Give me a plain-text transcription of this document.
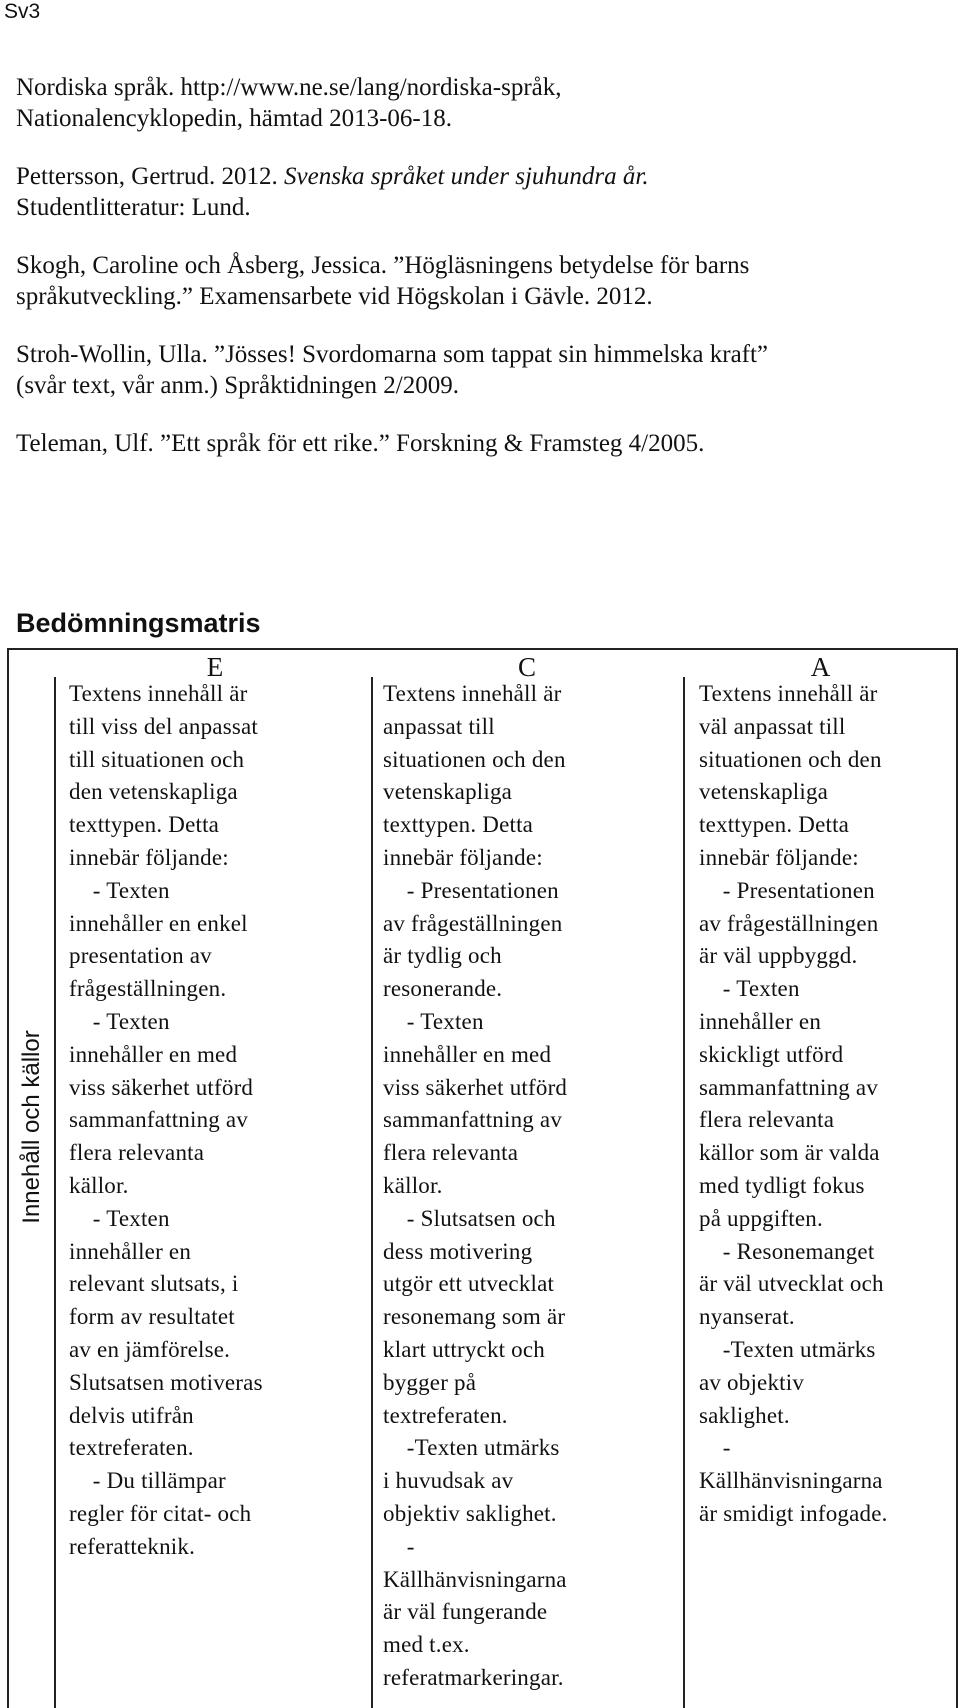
Sv3

Nordiska språk. http://www.ne.se/lang/nordiska-språk,
Nationalencyklopedin, hämtad 2013-06-18.

Pettersson, Gertrud. 2012. Svenska språket under sjuhundra år.
Studentlitteratur: Lund.

Skogh, Caroline och Åsberg, Jessica. ”Högläsningens betydelse för barns
språkutveckling.” Examensarbete vid Högskolan i Gävle. 2012.

Stroh-Wollin, Ulla. ”Jösses! Svordomarna som tappat sin himmelska kraft”
(svår text, vår anm.) Språktidningen 2/2009.

Teleman, Ulf. ”Ett språk för ett rike.” Forskning & Framsteg 4/2005.

Bedömningsmatris
E	C	A
Innehåll och källor
Textens innehåll är
till viss del anpassat
till situationen och
den vetenskapliga
texttypen. Detta
innebär följande:
- Texten
innehåller en enkel
presentation av
frågeställningen.
- Texten
innehåller en med
viss säkerhet utförd
sammanfattning av
flera relevanta
källor.
- Texten
innehåller en
relevant slutsats, i
form av resultatet
av en jämförelse.
Slutsatsen motiveras
delvis utifrån
textreferaten.
- Du tillämpar
regler för citat- och
referatteknik.
Textens innehåll är
anpassat till
situationen och den
vetenskapliga
texttypen. Detta
innebär följande:
- Presentationen
av frågeställningen
är tydlig och
resonerande.
- Texten
innehåller en med
viss säkerhet utförd
sammanfattning av
flera relevanta
källor.
- Slutsatsen och
dess motivering
utgör ett utvecklat
resonemang som är
klart uttryckt och
bygger på
textreferaten.
-Texten utmärks
i huvudsak av
objektiv saklighet.
-
Källhänvisningarna
är väl fungerande
med t.ex.
referatmarkeringar.
Textens innehåll är
väl anpassat till
situationen och den
vetenskapliga
texttypen. Detta
innebär följande:
- Presentationen
av frågeställningen
är väl uppbyggd.
- Texten
innehåller en
skickligt utförd
sammanfattning av
flera relevanta
källor som är valda
med tydligt fokus
på uppgiften.
- Resonemanget
är väl utvecklat och
nyanserat.
-Texten utmärks
av objektiv
saklighet.
-
Källhänvisningarna
är smidigt infogade.
